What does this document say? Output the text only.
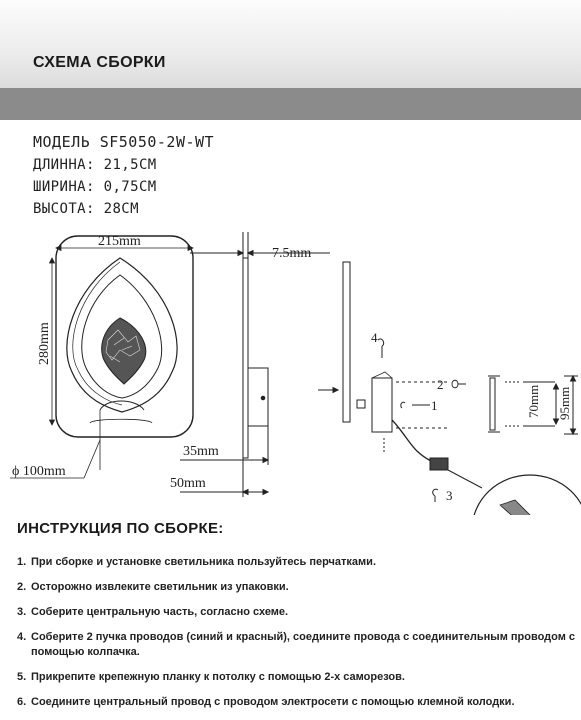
СХЕМА СБОРКИ
МОДЕЛЬ SF5050-2W-WT
ДЛИННА: 21,5СМ
ШИРИНА: 0,75СМ
ВЫСОТА: 28СМ
215mm
280mm
ϕ 100mm
7.5mm
35mm
50mm
70mm 95mm
4
1
2
3
ИНСТРУКЦИЯ ПО СБОРКЕ:
1. При сборке и установке светильника пользуйтесь перчатками.
2. Осторожно извлеките светильник из упаковки.
3. Соберите центральную часть, согласно схеме.
4. Соберите 2 пучка проводов (синий и красный), соедините провода с соединительным проводом с помощью колпачка.
5. Прикрепите крепежную планку к потолку с помощью 2-х саморезов.
6. Соедините центральный провод с проводом электросети с помощью клемной колодки.
